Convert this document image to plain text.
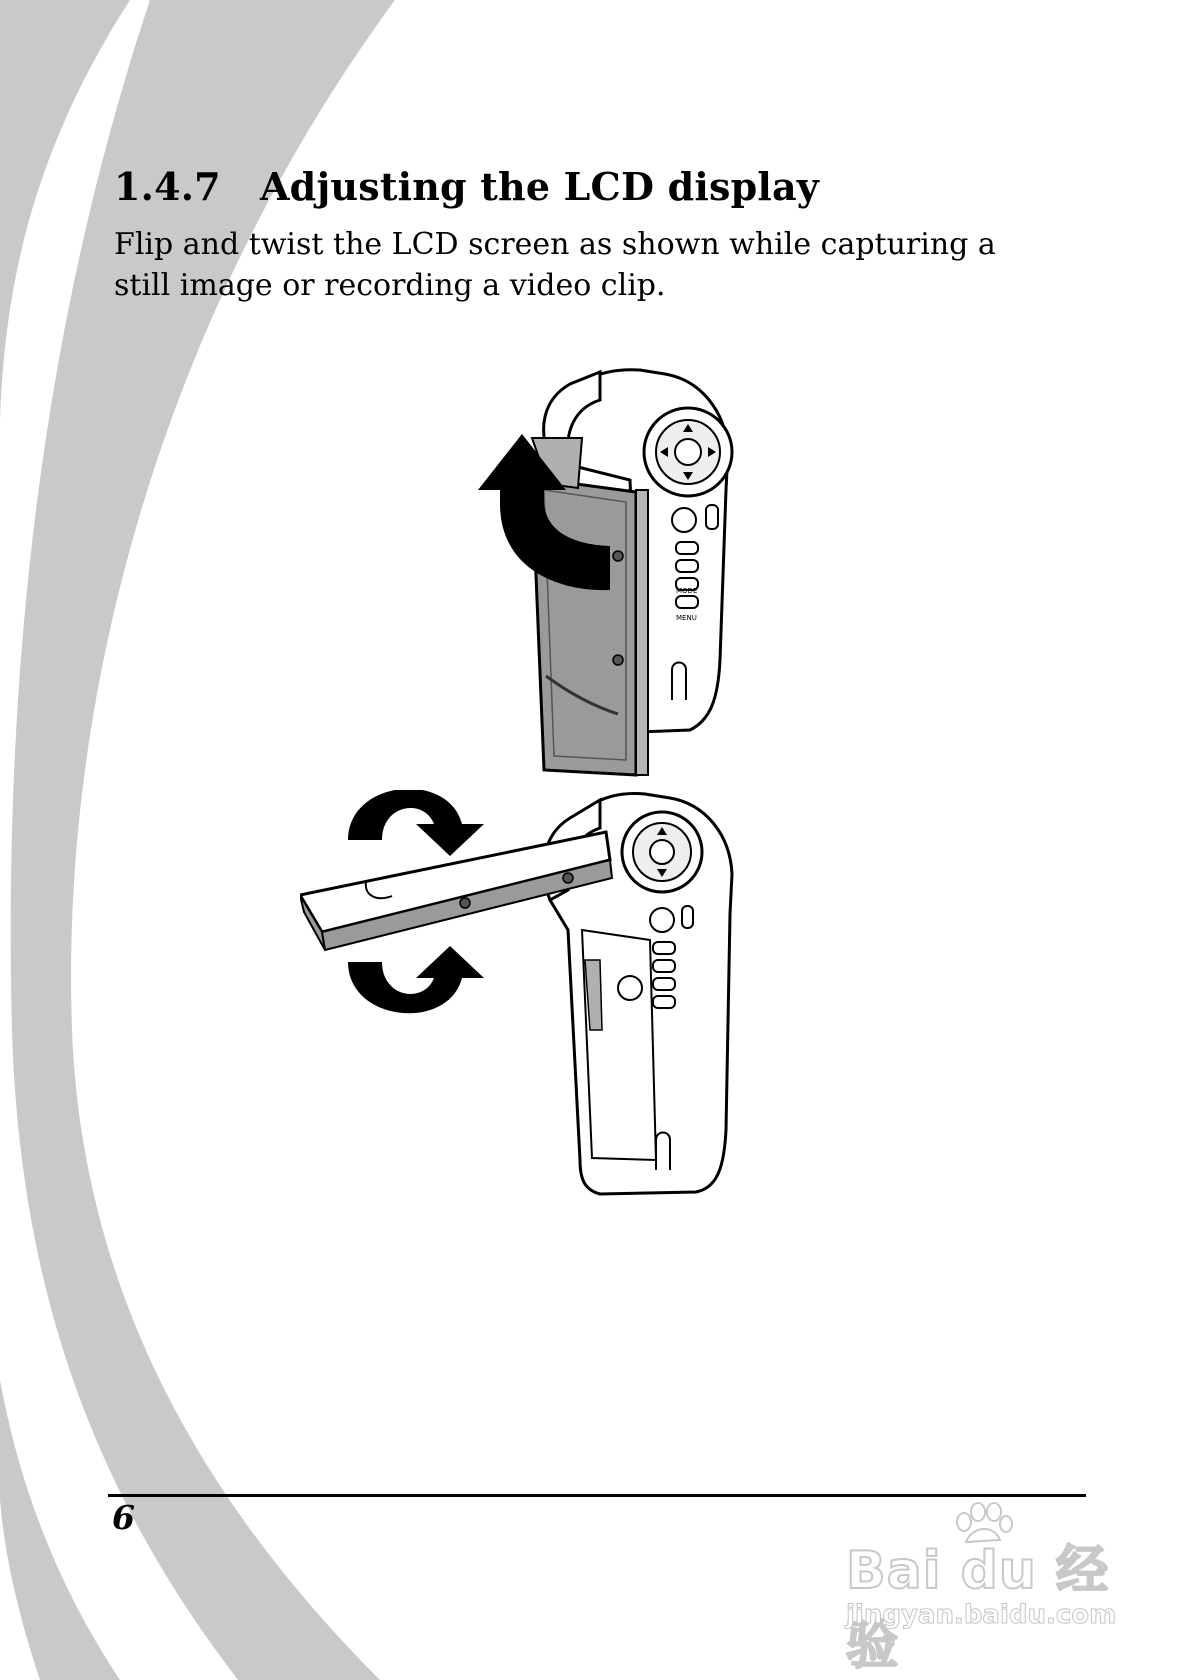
1.4.7 Adjusting the LCD display

Flip and twist the LCD screen as shown while capturing a still image or recording a video clip.

MODE
MENU
6
Bai du 经验
jingyan.baidu.com
